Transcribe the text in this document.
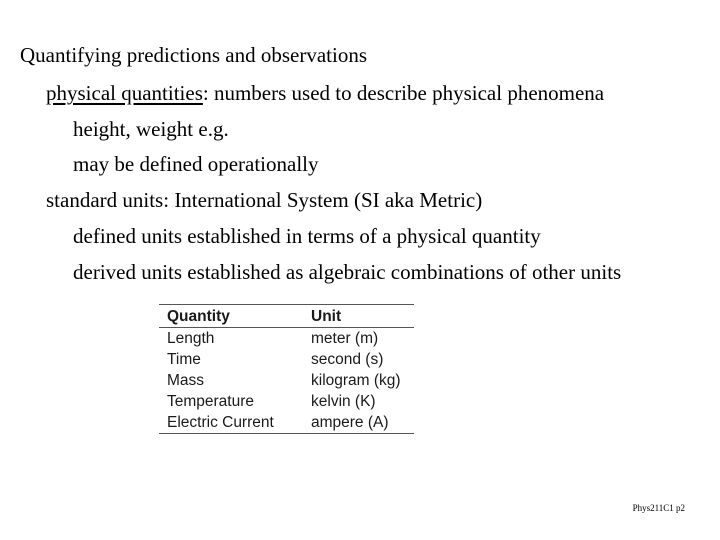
Quantifying predictions and observations
physical quantities: numbers used to describe physical phenomena
height, weight e.g.
may be defined operationally
standard units: International System (SI aka Metric)
defined units established in terms of a physical quantity
derived units established as algebraic combinations of other units
Quantity	Unit
Length	meter (m)
Time	second (s)
Mass	kilogram (kg)
Temperature	kelvin (K)
Electric Current	ampere (A)
Phys211C1 p2
